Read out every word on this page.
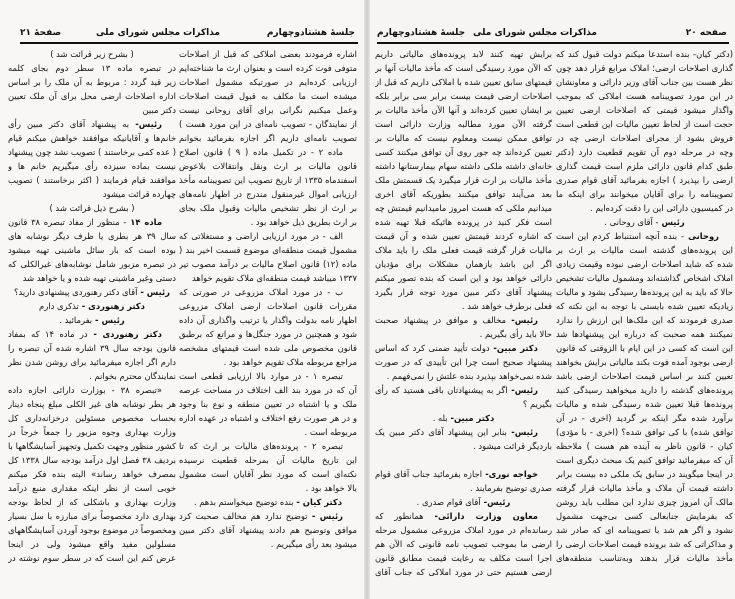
جلسهٔ هشتادوچهارم
مذاکرات مجلس شورای ملی
صفحهٔ ۲۱
اشاره فرمودند بعضی املاکی که قبل از اصلاحات
متوفی فوت کرده است و بعنوان ارث ما شناخته‌ایم
ارزیابی کرده‌ایم در صورتیکه مشمول اصلاحات
میشده است ما مکلف به قبول قیمت اصلاحات
وعمل میکنیم نگرانی برای آقای روحانی نیست
از نمایندگان - تصویب نامه‌ای در این مورد هست )
تصویب نامه‌ای داریم اگر اجازه بفرمائید بخوانم
ماده ۲ - در تکمیل ماده ( ۹ ) قانون اصلاح
قانون مالیات بر ارث ونقل وانتقالات بلاعوض
اسفندماه ۱۳۳۵ از تاریخ تصویب این تصویبنامه مأخذ
ارزیابی اموال غیرمنقول مندرج در اظهار نامه‌های
بر ارث از نظر تشخیص مالیات وقبول ملک بجای
بر ارث بطریق ذیل خواهد بود .
الف - در مورد ارزیابی اراضی و مستغلاتی که
مشمول قیمت منطقه‌ای موضوع قسمت اخیر بند (
ماده (۱۲) قانون اصلاح مالیات بر درآمد مصوب تیر
۱۳۳۷ میباشد قیمت منطقه‌ای ملاک تقویم خواهد
ب - در مورد املاک مزروعی در صورتی که
مقررات قانون اصلاحات ارضی املاک مزروعی
اظهار نامه بدولت واگذار یا ترتیب واگذاری آن داده
شود و همچنین در مورد جنگل‌ها و مراتع که برطبق
قانون مخصوص ملی شده است قیمتهای مشخصه
مراجع مربوطه ملاک تقویم خواهد بود .
تبصره ۱ - در موارد بالا ارزیابی قطعی است
آن که در مورد بند الف اختلاف در مساحت عرصه
ملک و یا اشتباه در تعیین منطقه و نوع بنا وجود
و در هر صورت رفع اختلاف و اشتباه در عهده اداره
مربوطه است .
تبصره ۲ - پرونده‌های مالیات بر ارث که تا
این تاریخ مالیات آن بمرحله قطعیت نرسیده
نکته‌ای است که مورد نظر آقایان است مشمول
بالا خواهد بود .
دکتر کیان - بنده توضیح میخواستم بدهم .
رئیس - توضیح ندارد هم مخالف صحبت کرد
موافق وتوضیح هم دادند پیشنهاد آقای دکتر مبین
میشود بعد رأی میگیریم .
( بشرح زیر قرائت شد )
در تبصره ماده ۱۳ سطر دوم بجای کلمه
زیر قید گردد : مربوط به آن ملک را بر اساس
اداره اصلاحات ارضی محل برای آن ملک تعیین
دکتر مبین
رئیس- به پیشنهاد آقای دکتر مبین رأی
خانم‌ها و آقایانیکه موافقند خواهش میکنم قیام
( عده کمی برخاستند ) تصویب نشد چون پیشنهاد
نیست بماده سیزده رأی میگیریم خانم ها و
موافقند قیام فرمایند ( اکثر برخاستند ) تصویب
چهارده قرائت میشود
( بشرح ذیل قرائت شد )
ماده ۱۴ - منظور از مفاد تبصره ۳۸ قانون
سال ۳۹ هر بطری یا ظرف دیگر نوشابه های
بوده است که بار سائل ماشینی تهیه میشود
در تبصره مزبور شامل نوشابه‌های غیرالکلی که
دستی وغیر ماشینی تهیه شده و یا خواهد شد
رئیس - آقای دکتر رهنوردی پیشنهادی دارید؟
دکتر رهنوردی - تذکری دارم
رئیس - بفرمائید .
دکتر رهنوردی - در ماده ۱۴ که بمفاد
قانون بودجه سال ۳۹ اشاره شده آن تبصره را
دارم اگر اجازه میفرمائید برای روشن شدن نظر
نمایندگان محترم بخوانم .
«تبصره ۳۸ - بوزارت دارائی اجازه داده
هر بطر نوشابه های غیر الکلی مبلغ پنجاه دینار
بحساب مخصوص مسئولین درخزانه‌داری کل
وزارت بهداری وجوه مزبور را جمعاً خرجاً در
کشور منظور وجهت تکمیل وتجهیز آسایشگاهها با
بردیف ۳۸ فصل اول درآمد بودجه سال ۱۳۳۸ کل
بمصرف خواهد رساند» البته بنده فکر میکنم
خوبی است از نظر اینکه مقداری منبع درآمد
وزارت بهداری و باشکلی که از لحاظ بودجه
بهداری دارد مخصوصاً برای مبارزه با سل بسیار
ومخصوصاً در موضوع بوجود آوردن آسایشگاههای
مسلولین مفید واقع میشود ولی در اینجا
عرض کنم این است که در سطر سوم نوشته در
صفحه ۲۰
مذاکرات مجلس شورای ملی
جلسهٔ هشتادوچهارم
(دکتر کیان- بنده استدعا میکنم دولت قبول کند که
گذاری اصلاحات ارضی؛ املاک مرابع قرار دهد چون
نظر هست بین جناب آقای وزیر دارائی و معاونشان
در این مورد تصویبنامه هست املاکی که بموجب
واگذار میشود قیمتی که اصلاحات ارضی تعیین
حجت است از لحاظ تعیین مالیات این قطعی است
فروش بشود از مجرای اصلاحات ارضی چه در
وچه در مرحله دوم آن تقویم قطعیت دارد (دکتر
طبق کدام قانون دارائی ملزم است قیمت گذاری
ارضی را بپذیرد ) اجازه بفرمائید آقای قوام صدری
تصویبنامه را برای آقایان میخوانند برای اینکه ما
در کمیسیون دارائی این را دقت کرده‌ایم .
رئیس - آقای روحانی .
روحانی - بنده آنچه استنباط کردم این است
این پرونده‌های گذشته است مالیات بر ارث بر
شده که شاید اصلاحات ارضی نبوده وقیمت زیادی
املاک اشخاص گذاشته‌اند ومشمول مالیات تشخیص
حالا که باید به این پرونده‌ها رسیدگی بشود و مالیات
زیادیکه تعیین شده بایستی با توجه به این نکته که
صدری فرمودند که این ملک‌ها این ارزش را ندارد
نمیکنند همه صحبت که درباره این پیشنهادها شد
این است که کسی در این ایام با الزوقتی که قانون
ارضی بوجود آمده فوت بکند مالیاتی برایش بخواهند
تعیین کنند بر اساس قیمت اصلاحات ارضی باشد
پرونده‌های گذشته را دارید میخواهید رسیدگی کنید
پرونده‌ها قبلا تعیین شده رسیدگی شده و مالیات
برآورد شده مگر اینکه بر گردید (اخری - در آن
توافق شده) با کی توافق شده؟ (اخری - با مؤدی)
کیان - قانون ناظر به آینده هم هست ) ملاحظه
آن که میفرمائید توافق کنیم یک مبحث دیگری است
در اینجا میگویند در سابق یک ملکی ده بیست برابر
داشته قیمت آن ملاک و مأخذ مالیات قرار گرفته
مالک آن امروز چیزی ندارد این مطلب باید روشن
که بفرمایش جنابعالی کسی بی‌جهت مشمول
نشود و اگر هم شد با تصویبنامه ای که صادر شد
و مذاکراتی که شد برونده قیمت اصلاحات ارضی را
مأخذ مالیات قرار بدهند وبه‌تناسب منطقه‌های
برایش تهیه کنند لابد پرونده‌های مالیاتی داریم
که الآن مورد رسیدگی است که مأخذ مالیات آنها بر
قیمتهای سابق تعیین شده با املاکی داریم که قبل از
اصلاحات ارضی قیمت بیست برابر سی برابر بلکه
بر ایشان تعیین کرده‌اند و آنها الآن مأخذ مالیات بر
گرفته الآن مورد مطالبه وزارت دارائی است
توافق ممکن نیست ومعلوم نیست که مالیات بر
تعیین کرده‌اند چه جور روی آن توافق میکنند کسی
خانه‌ای داشته ملکی داشته سهام بیمارستانها داشته
مأخذ مالیات بر ارث قرار میگیرد یک قسمتش ملک
بعد می‌آیند توافق میکنند بطوریکه آقای اخری
میدانیم ملکی که هست امروز مامیدانیم قیمتش چه
است فکر کنید در پرونده هائیکه قبلا تهیه شده
که اشاره کردند قیمتش تعیین شده و آن قیمت
مالیات قرار گرفته قیمت فعلی ملک را باید ملاک
اگر این باشد بازهمان مشکلات برای مؤدیان
دارائی خواهد بود و این است که بنده تصور میکنم
پیشنهاد آقای دکتر مبین مورد توجه قرار بگیرد
فعلی برطرف خواهد شد .
رئیس- مخالف و موافق در پیشنهاد صحبت
حالا باید رأی بگیریم .
دکتر مبین- دولت تأیید ضمنی کرد که اساس
پیشنهاد صحیح است چرا این تأییدی که در صورت
شده نمی‌خواهد بپذیرد بنده علتش را نمی‌فهمم .
رئیس- اگر به پیشنهادتان باقی هستید که رأی
بگیریم ؟
دکتر مبین- بله .
رئیس- بنابر این پیشنهاد آقای دکتر مبین یک
باردیگر قرائت میشود .
خواجه نوری- اجازه بفرمائید جناب آقای قوام
صدری توضیح بفرمایند .
رئیس- آقای قوام صدری .
معاون وزارت دارائی- همانطور که
رسانده‌ام در مورد املاک مزروعی مشمول مرحله
ارضی ما بموجب تصویب نامه قانونی که الآن هم
اجرا است مکلف به رعایت قیمت مطابق قانون
ارضی هستیم حتی در مورد املاکی که جناب آقای
